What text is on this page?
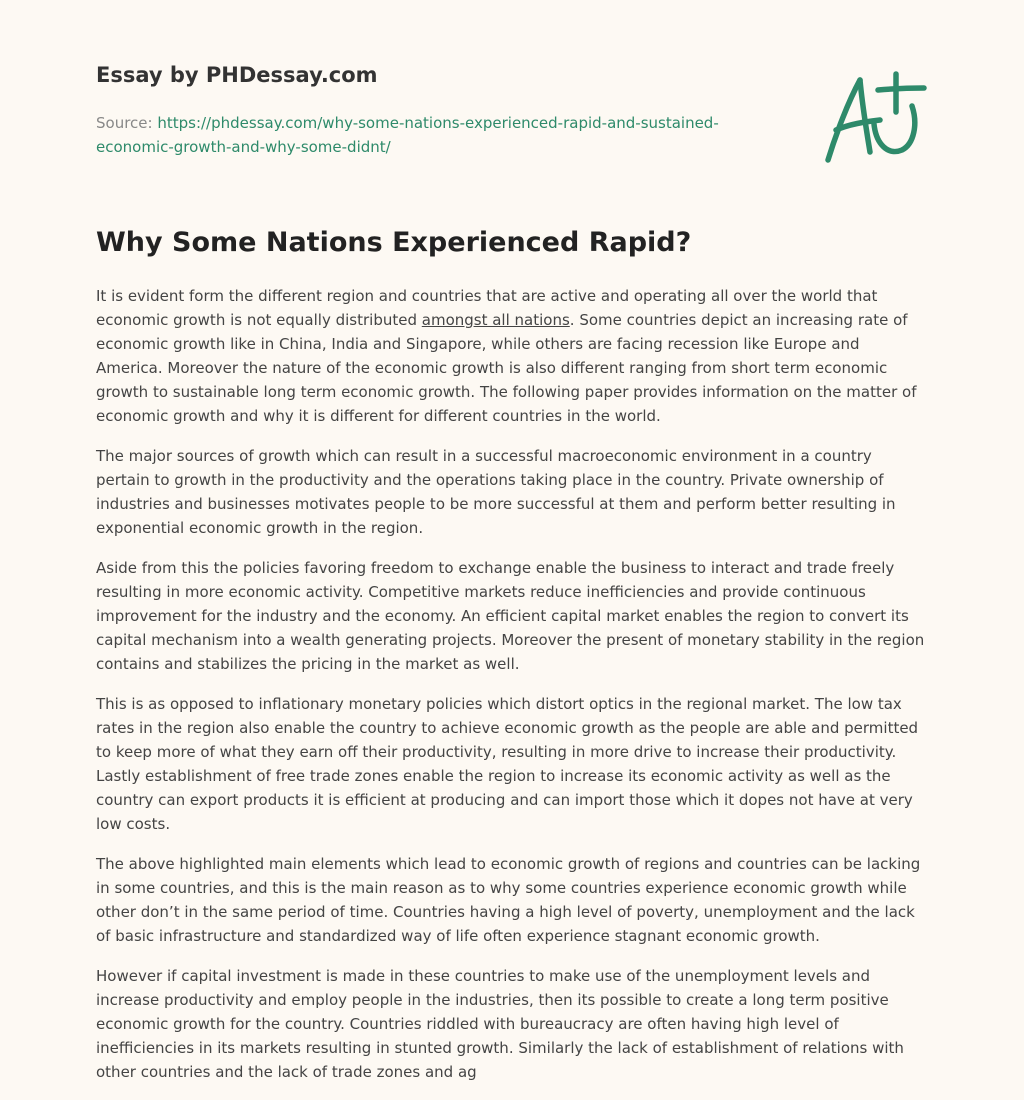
Essay by PHDessay.com
Source: https://phdessay.com/why-some-nations-experienced-rapid-and-sustained-economic-growth-and-why-some-didnt/
Why Some Nations Experienced Rapid?

It is evident form the different region and countries that are active and operating all over the world that economic growth is not equally distributed amongst all nations. Some countries depict an increasing rate of economic growth like in China, India and Singapore, while others are facing recession like Europe and America. Moreover the nature of the economic growth is also different ranging from short term economic growth to sustainable long term economic growth. The following paper provides information on the matter of economic growth and why it is different for different countries in the world.

The major sources of growth which can result in a successful macroeconomic environment in a country pertain to growth in the productivity and the operations taking place in the country. Private ownership of industries and businesses motivates people to be more successful at them and perform better resulting in exponential economic growth in the region.

Aside from this the policies favoring freedom to exchange enable the business to interact and trade freely resulting in more economic activity. Competitive markets reduce inefficiencies and provide continuous improvement for the industry and the economy. An efficient capital market enables the region to convert its capital mechanism into a wealth generating projects. Moreover the present of monetary stability in the region contains and stabilizes the pricing in the market as well.

This is as opposed to inflationary monetary policies which distort optics in the regional market. The low tax rates in the region also enable the country to achieve economic growth as the people are able and permitted to keep more of what they earn off their productivity, resulting in more drive to increase their productivity. Lastly establishment of free trade zones enable the region to increase its economic activity as well as the country can export products it is efficient at producing and can import those which it dopes not have at very low costs.

The above highlighted main elements which lead to economic growth of regions and countries can be lacking in some countries, and this is the main reason as to why some countries experience economic growth while other don’t in the same period of time. Countries having a high level of poverty, unemployment and the lack of basic infrastructure and standardized way of life often experience stagnant economic growth.

However if capital investment is made in these countries to make use of the unemployment levels and increase productivity and employ people in the industries, then its possible to create a long term positive economic growth for the country. Countries riddled with bureaucracy are often having high level of inefficiencies in its markets resulting in stunted growth. Similarly the lack of establishment of relations with other countries and the lack of trade zones and ag
